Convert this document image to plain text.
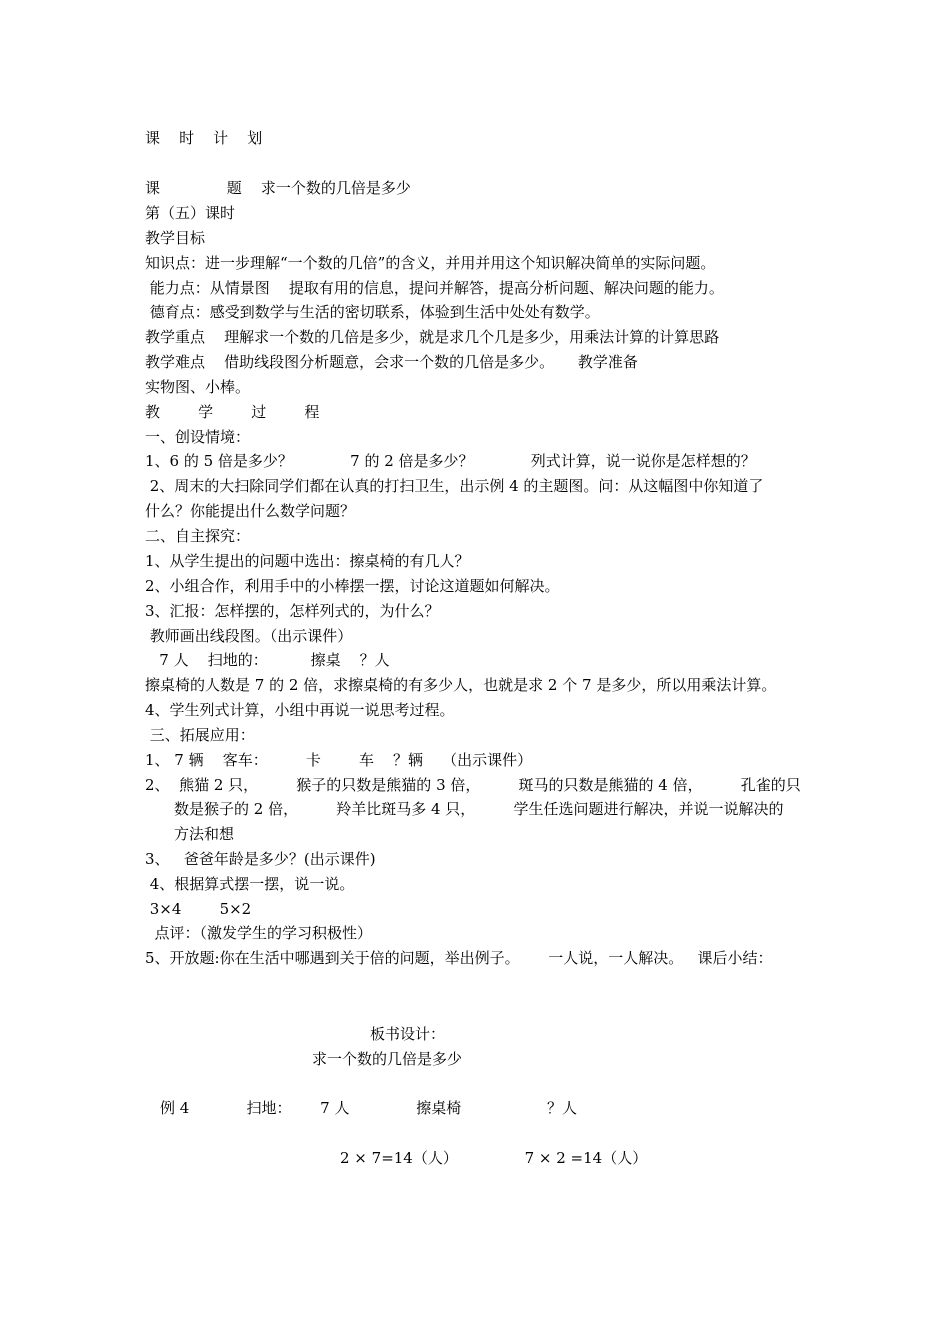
课    时    计    划
课              题    求一个数的几倍是多少
第（五）课时
教学目标
知识点：进一步理解“一个数的几倍”的含义，并用并用这个知识解决简单的实际问题。
能力点：从情景图    提取有用的信息，提问并解答，提高分析问题、解决问题的能力。
德育点：感受到数学与生活的密切联系，体验到生活中处处有数学。
教学重点    理解求一个数的几倍是多少，就是求几个几是多少，用乘法计算的计算思路
教学难点    借助线段图分析题意，会求一个数的几倍是多少。     教学准备
实物图、小棒。
教        学        过        程
一、创设情境：
1、6 的 5 倍是多少？            7 的 2 倍是多少？            列式计算，说一说你是怎样想的？
2、周末的大扫除同学们都在认真的打扫卫生，出示例 4 的主题图。问：从这幅图中你知道了
什么？你能提出什么数学问题？
二、自主探究：
1、从学生提出的问题中选出：擦桌椅的有几人？
2、小组合作，利用手中的小棒摆一摆，讨论这道题如何解决。
3、汇报：怎样摆的，怎样列式的，为什么？
教师画出线段图。（出示课件）
7 人    扫地的：         擦桌    ？人
擦桌椅的人数是 7 的 2 倍，求擦桌椅的有多少人，也就是求 2 个 7 是多少，所以用乘法计算。
4、学生列式计算，小组中再说一说思考过程。
三、拓展应用：
1、 7 辆    客车：        卡        车    ？辆    （出示课件）
2、  熊猫 2 只，        猴子的只数是熊猫的 3 倍，        斑马的只数是熊猫的 4 倍，        孔雀的只
数是猴子的 2 倍，        羚羊比斑马多 4 只，        学生任选问题进行解决，并说一说解决的
方法和想
3、   爸爸年龄是多少？(出示课件)
4、根据算式摆一摆，说一说。
3×4        5×2
点评：（激发学生的学习积极性）
5、开放题:你在生活中哪遇到关于倍的问题，举出例子。      一人说，一人解决。   课后小结：
板书设计：
求一个数的几倍是多少
例 4            扫地：      7 人              擦桌椅                  ？人
2 × 7=14（人）              7 × 2 =14（人）
